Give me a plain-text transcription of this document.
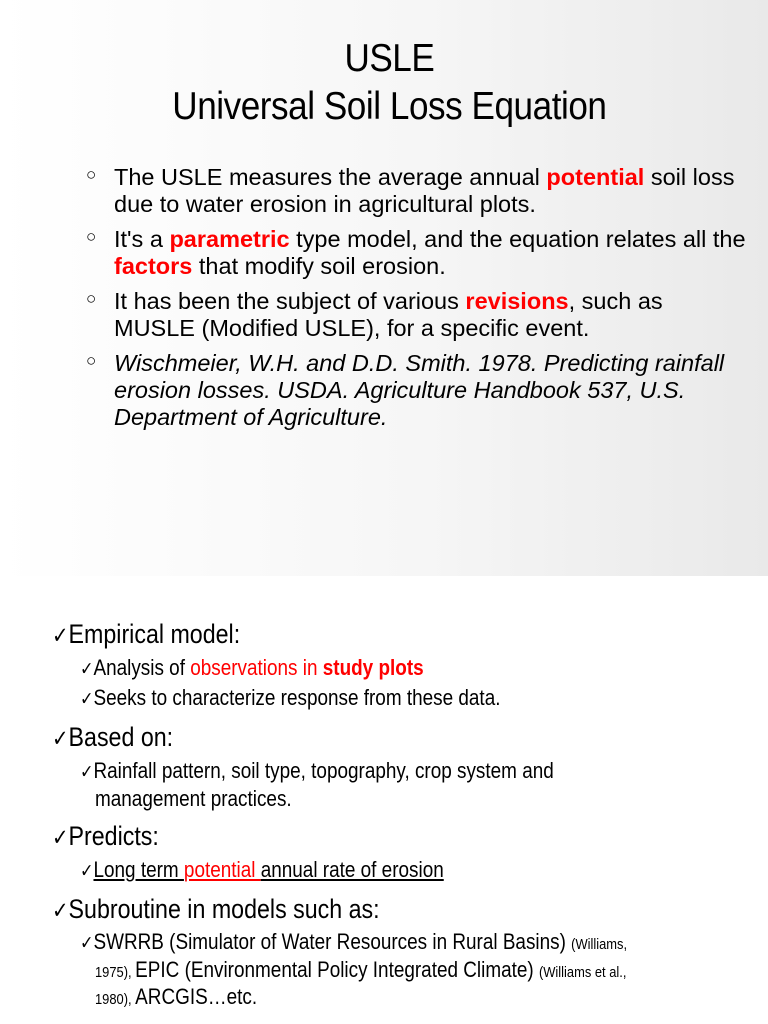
USLE
Universal Soil Loss Equation
○ The USLE measures the average annual potential soil loss due to water erosion in agricultural plots.
○ It's a parametric type model, and the equation relates all the factors that modify soil erosion.
○ It has been the subject of various revisions, such as MUSLE (Modified USLE), for a specific event.
○ Wischmeier, W.H. and D.D. Smith. 1978. Predicting rainfall erosion losses. USDA. Agriculture Handbook 537, U.S. Department of Agriculture.
✓Empirical model:
✓Analysis of observations in study plots
✓Seeks to characterize response from these data.
✓Based on:
✓Rainfall pattern, soil type, topography, crop system and
management practices.
✓Predicts:
✓Long term potential annual rate of erosion
✓Subroutine in models such as:
✓SWRRB (Simulator of Water Resources in Rural Basins) (Williams,
1975), EPIC (Environmental Policy Integrated Climate) (Williams et al.,
1980), ARCGIS…etc.
